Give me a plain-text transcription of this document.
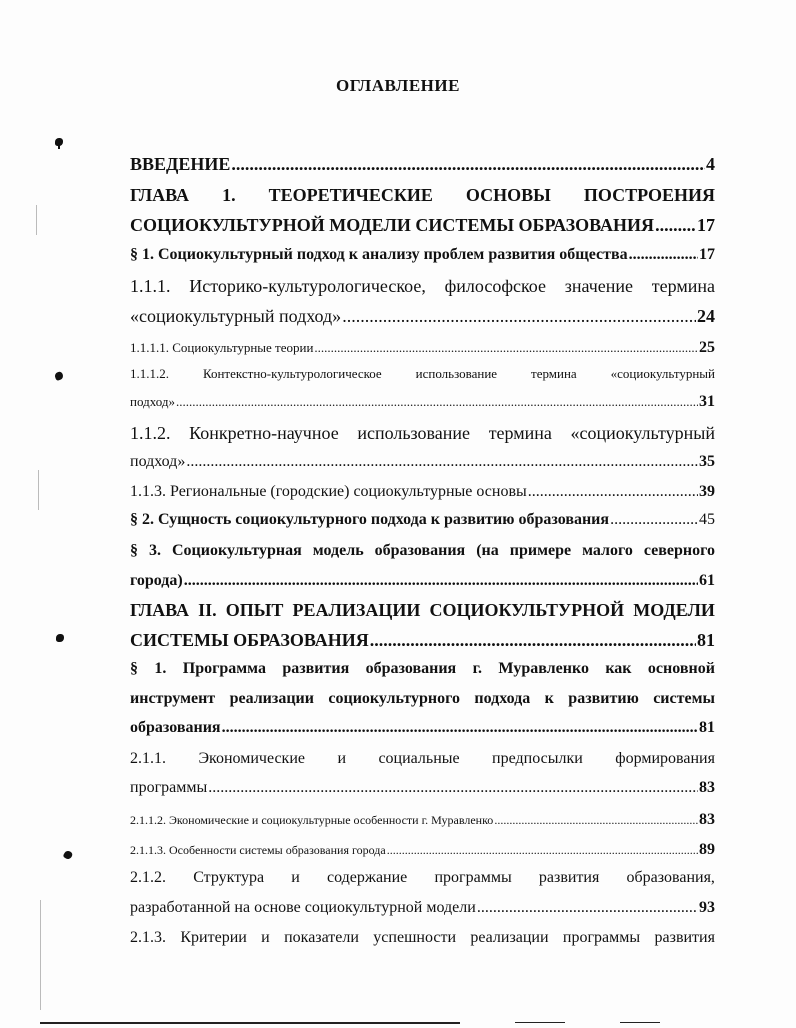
ОГЛАВЛЕНИЕ
ВВЕДЕНИЕ .....	4
ГЛАВА 1. ТЕОРЕТИЧЕСКИЕ ОСНОВЫ ПОСТРОЕНИЯ
СОЦИОКУЛЬТУРНОЙ МОДЕЛИ СИСТЕМЫ ОБРАЗОВАНИЯ ..... 17
§ 1. Социокультурный подход к анализу проблем развития общества .....	17
1.1.1. Историко-культурологическое, философское значение термина
«социокультурный подход» .....	24
1.1.1.1. Социокультурные теории .....	25
1.1.1.2.	Контекстно-культурологическое	использование	термина	«социокультурный
подход» .....	31
1.1.2. Конкретно-научное использование термина «социокультурный
подход» .....	35
1.1.3. Региональные (городские) социокультурные основы .....	39
§ 2. Сущность социокультурного подхода к развитию образования .....	45
§ 3. Социокультурная модель образования (на примере малого северного
города) .....	61
ГЛАВА II. ОПЫТ РЕАЛИЗАЦИИ СОЦИОКУЛЬТУРНОЙ МОДЕЛИ
СИСТЕМЫ ОБРАЗОВАНИЯ .....	81
§ 1. Программа развития образования г. Муравленко как основной
инструмент реализации социокультурного подхода к развитию системы
образования .....	81
2.1.1. Экономические и социальные предпосылки формирования
программы .....	83
2.1.1.2. Экономические и социокультурные особенности г. Муравленко .....	83
2.1.1.3. Особенности системы образования города .....	89
2.1.2. Структура и содержание программы развития образования,
разработанной на основе социокультурной модели .....	93
2.1.3. Критерии и показатели успешности реализации программы развития
